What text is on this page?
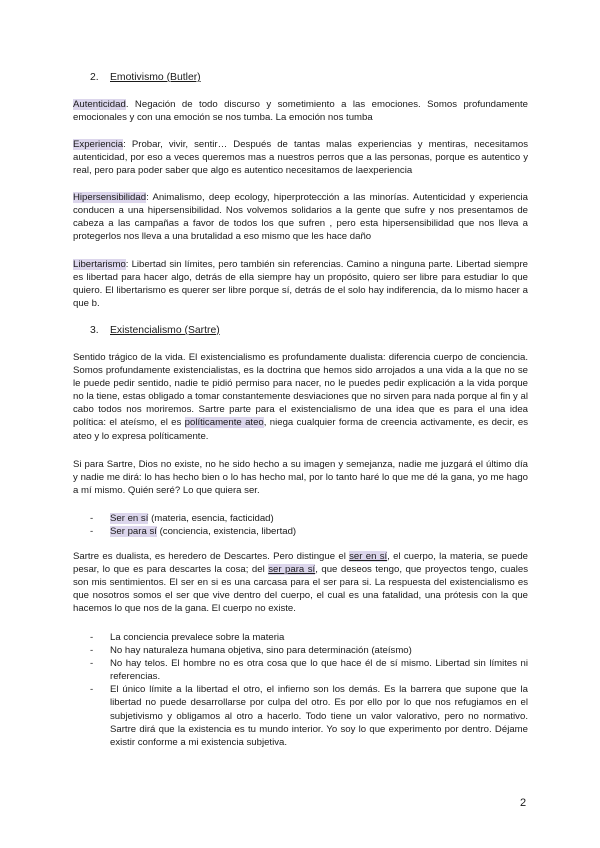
2. Emotivismo (Butler)

Autenticidad. Negación de todo discurso y sometimiento a las emociones. Somos profundamente emocionales y con una emoción se nos tumba. La emoción nos tumba

Experiencia: Probar, vivir, sentir… Después de tantas malas experiencias y mentiras, necesitamos autenticidad, por eso a veces queremos mas a nuestros perros que a las personas, porque es autentico y real, pero para poder saber que algo es autentico necesitamos de laexperiencia

Hipersensibilidad: Animalismo, deep ecology, hiperprotección a las minorías. Autenticidad y experiencia conducen a una hipersensibilidad. Nos volvemos solidarios a la gente que sufre y nos presentamos de cabeza a las campañas a favor de todos los que sufren , pero esta hipersensibilidad que nos lleva a protegerlos nos lleva a una brutalidad a eso mismo que les hace daño

Libertarismo: Libertad sin límites, pero también sin referencias. Camino a ninguna parte. Libertad siempre es libertad para hacer algo, detrás de ella siempre hay un propósito, quiero ser libre para estudiar lo que quiero. El libertarismo es querer ser libre porque sí, detrás de el solo hay indiferencia, da lo mismo hacer a que b.

3. Existencialismo (Sartre)

Sentido trágico de la vida. El existencialismo es profundamente dualista: diferencia cuerpo de conciencia. Somos profundamente existencialistas, es la doctrina que hemos sido arrojados a una vida a la que no se le puede pedir sentido, nadie te pidió permiso para nacer, no le puedes pedir explicación a la vida porque no la tiene, estas obligado a tomar constantemente desviaciones que no sirven para nada porque al fin y al cabo todos nos moriremos. Sartre parte para el existencialismo de una idea que es para el una idea política: el ateísmo, el es políticamente ateo, niega cualquier forma de creencia activamente, es decir, es ateo y lo expresa políticamente.

Si para Sartre, Dios no existe, no he sido hecho a su imagen y semejanza, nadie me juzgará el último día y nadie me dirá: lo has hecho bien o lo has hecho mal, por lo tanto haré lo que me dé la gana, yo me hago a mí mismo. Quién seré? Lo que quiera ser.

- Ser en sí (materia, esencia, facticidad)
- Ser para sí (conciencia, existencia, libertad)

Sartre es dualista, es heredero de Descartes. Pero distingue el ser en sí, el cuerpo, la materia, se puede pesar, lo que es para descartes la cosa; del ser para sí, que deseos tengo, que proyectos tengo, cuales son mis sentimientos. El ser en si es una carcasa para el ser para si. La respuesta del existencialismo es que nosotros somos el ser que vive dentro del cuerpo, el cual es una fatalidad, una prótesis con la que hacemos lo que nos de la gana. El cuerpo no existe.

- La conciencia prevalece sobre la materia
- No hay naturaleza humana objetiva, sino para determinación (ateísmo)
- No hay telos. El hombre no es otra cosa que lo que hace él de sí mismo. Libertad sin límites ni referencias.
- El único límite a la libertad el otro, el infierno son los demás. Es la barrera que supone que la libertad no puede desarrollarse por culpa del otro. Es por ello por lo que nos refugiamos en el subjetivismo y obligamos al otro a hacerlo. Todo tiene un valor valorativo, pero no normativo. Sartre dirá que la existencia es tu mundo interior. Yo soy lo que experimento por dentro. Déjame existir conforme a mi existencia subjetiva.
2
